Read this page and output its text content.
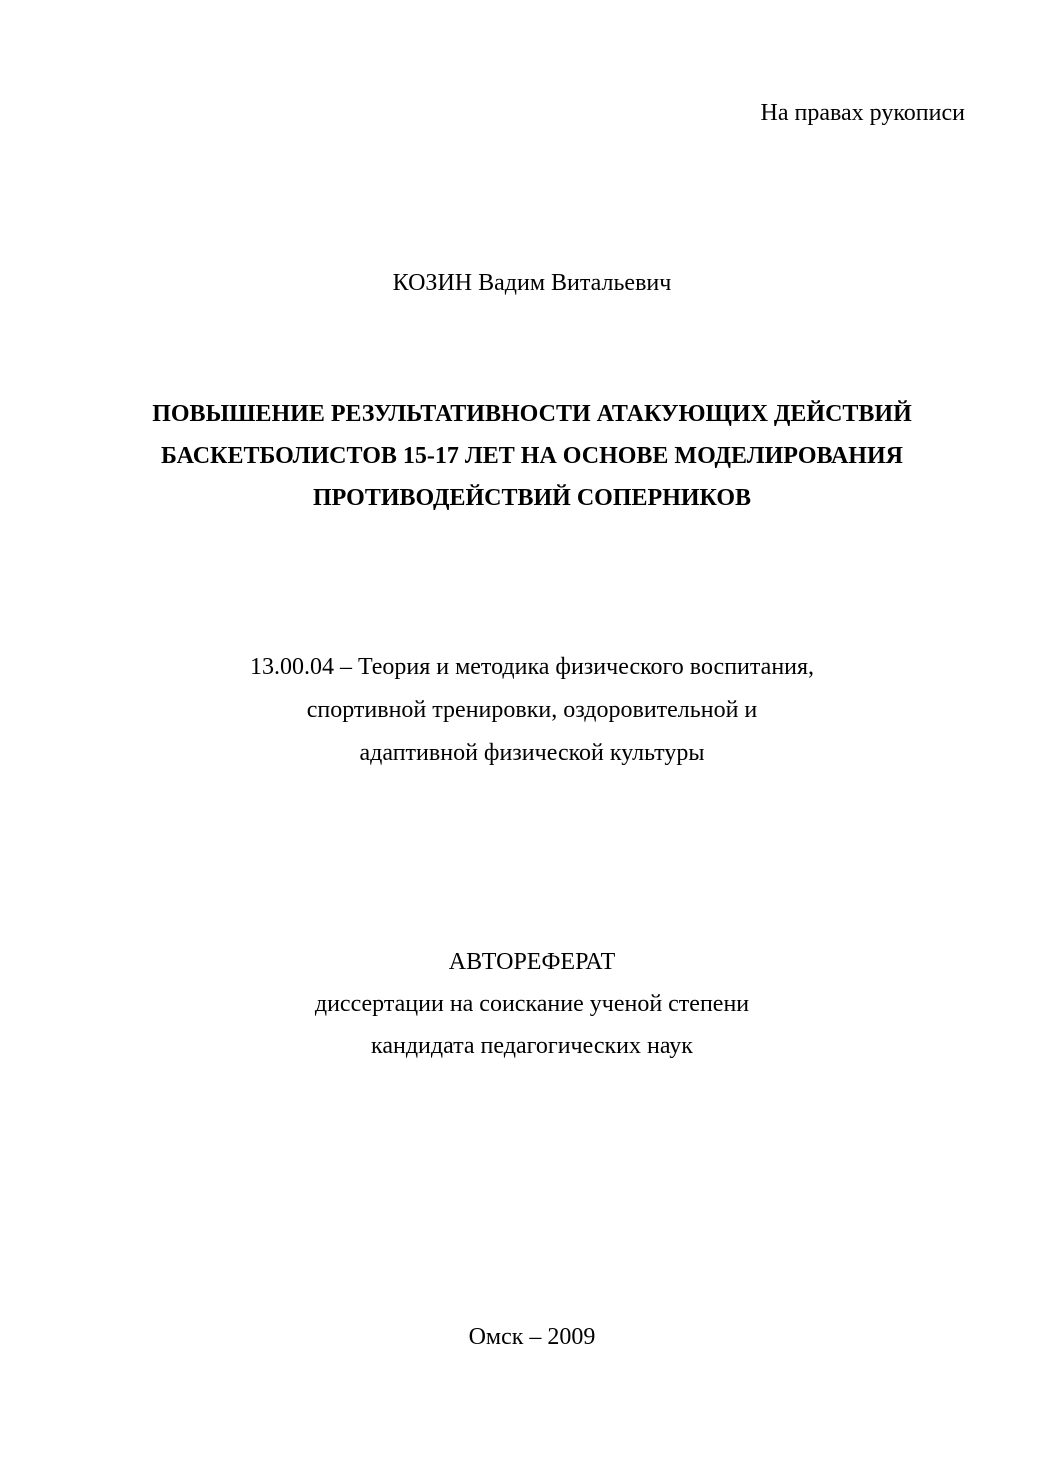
На правах рукописи
КОЗИН Вадим Витальевич
ПОВЫШЕНИЕ РЕЗУЛЬТАТИВНОСТИ АТАКУЮЩИХ ДЕЙСТВИЙ
БАСКЕТБОЛИСТОВ 15-17 ЛЕТ НА ОСНОВЕ МОДЕЛИРОВАНИЯ
ПРОТИВОДЕЙСТВИЙ СОПЕРНИКОВ
13.00.04 – Теория и методика физического воспитания,
спортивной тренировки, оздоровительной и
адаптивной физической культуры
АВТОРЕФЕРАТ
диссертации на соискание ученой степени
кандидата педагогических наук
Омск – 2009
